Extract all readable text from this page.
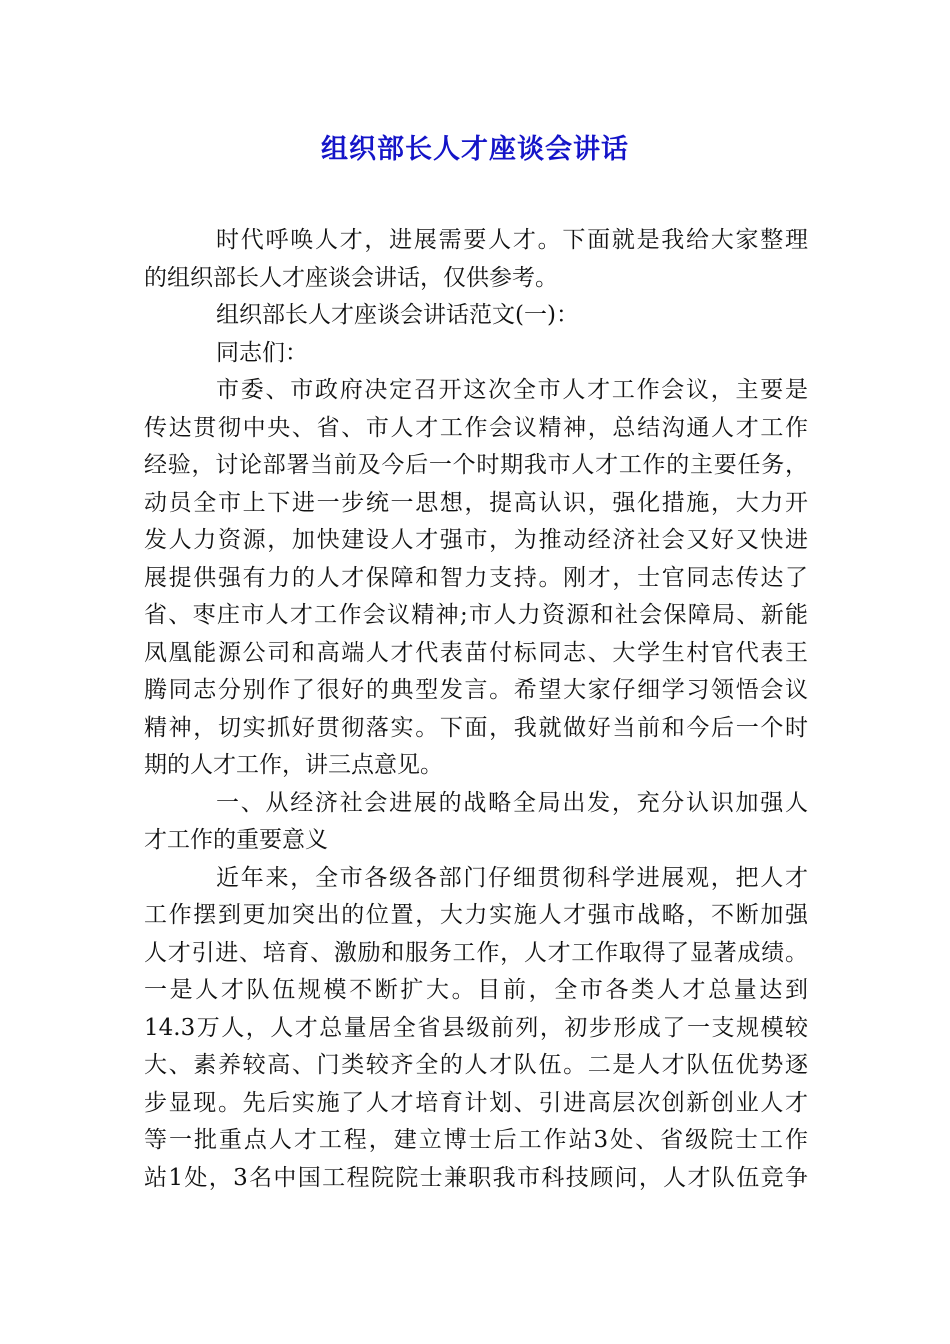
组织部长人才座谈会讲话
时代呼唤人才，进展需要人才。下面就是我给大家整理
的组织部长人才座谈会讲话，仅供参考。
组织部长人才座谈会讲话范文(一)：
同志们：
市委、市政府决定召开这次全市人才工作会议，主要是
传达贯彻中央、省、市人才工作会议精神，总结沟通人才工作
经验，讨论部署当前及今后一个时期我市人才工作的主要任务，
动员全市上下进一步统一思想，提高认识，强化措施，大力开
发人力资源，加快建设人才强市，为推动经济社会又好又快进
展提供强有力的人才保障和智力支持。刚才，士官同志传达了
省、枣庄市人才工作会议精神;市人力资源和社会保障局、新能
凤凰能源公司和高端人才代表苗付标同志、大学生村官代表王
腾同志分别作了很好的典型发言。希望大家仔细学习领悟会议
精神，切实抓好贯彻落实。下面，我就做好当前和今后一个时
期的人才工作，讲三点意见。
一、从经济社会进展的战略全局出发，充分认识加强人
才工作的重要意义
近年来，全市各级各部门仔细贯彻科学进展观，把人才
工作摆到更加突出的位置，大力实施人才强市战略，不断加强
人才引进、培育、激励和服务工作，人才工作取得了显著成绩。
一是人才队伍规模不断扩大。目前，全市各类人才总量达到
14.3万人，人才总量居全省县级前列，初步形成了一支规模较
大、素养较高、门类较齐全的人才队伍。二是人才队伍优势逐
步显现。先后实施了人才培育计划、引进高层次创新创业人才
等一批重点人才工程，建立博士后工作站3处、省级院士工作
站1处，3名中国工程院院士兼职我市科技顾问，人才队伍竞争
